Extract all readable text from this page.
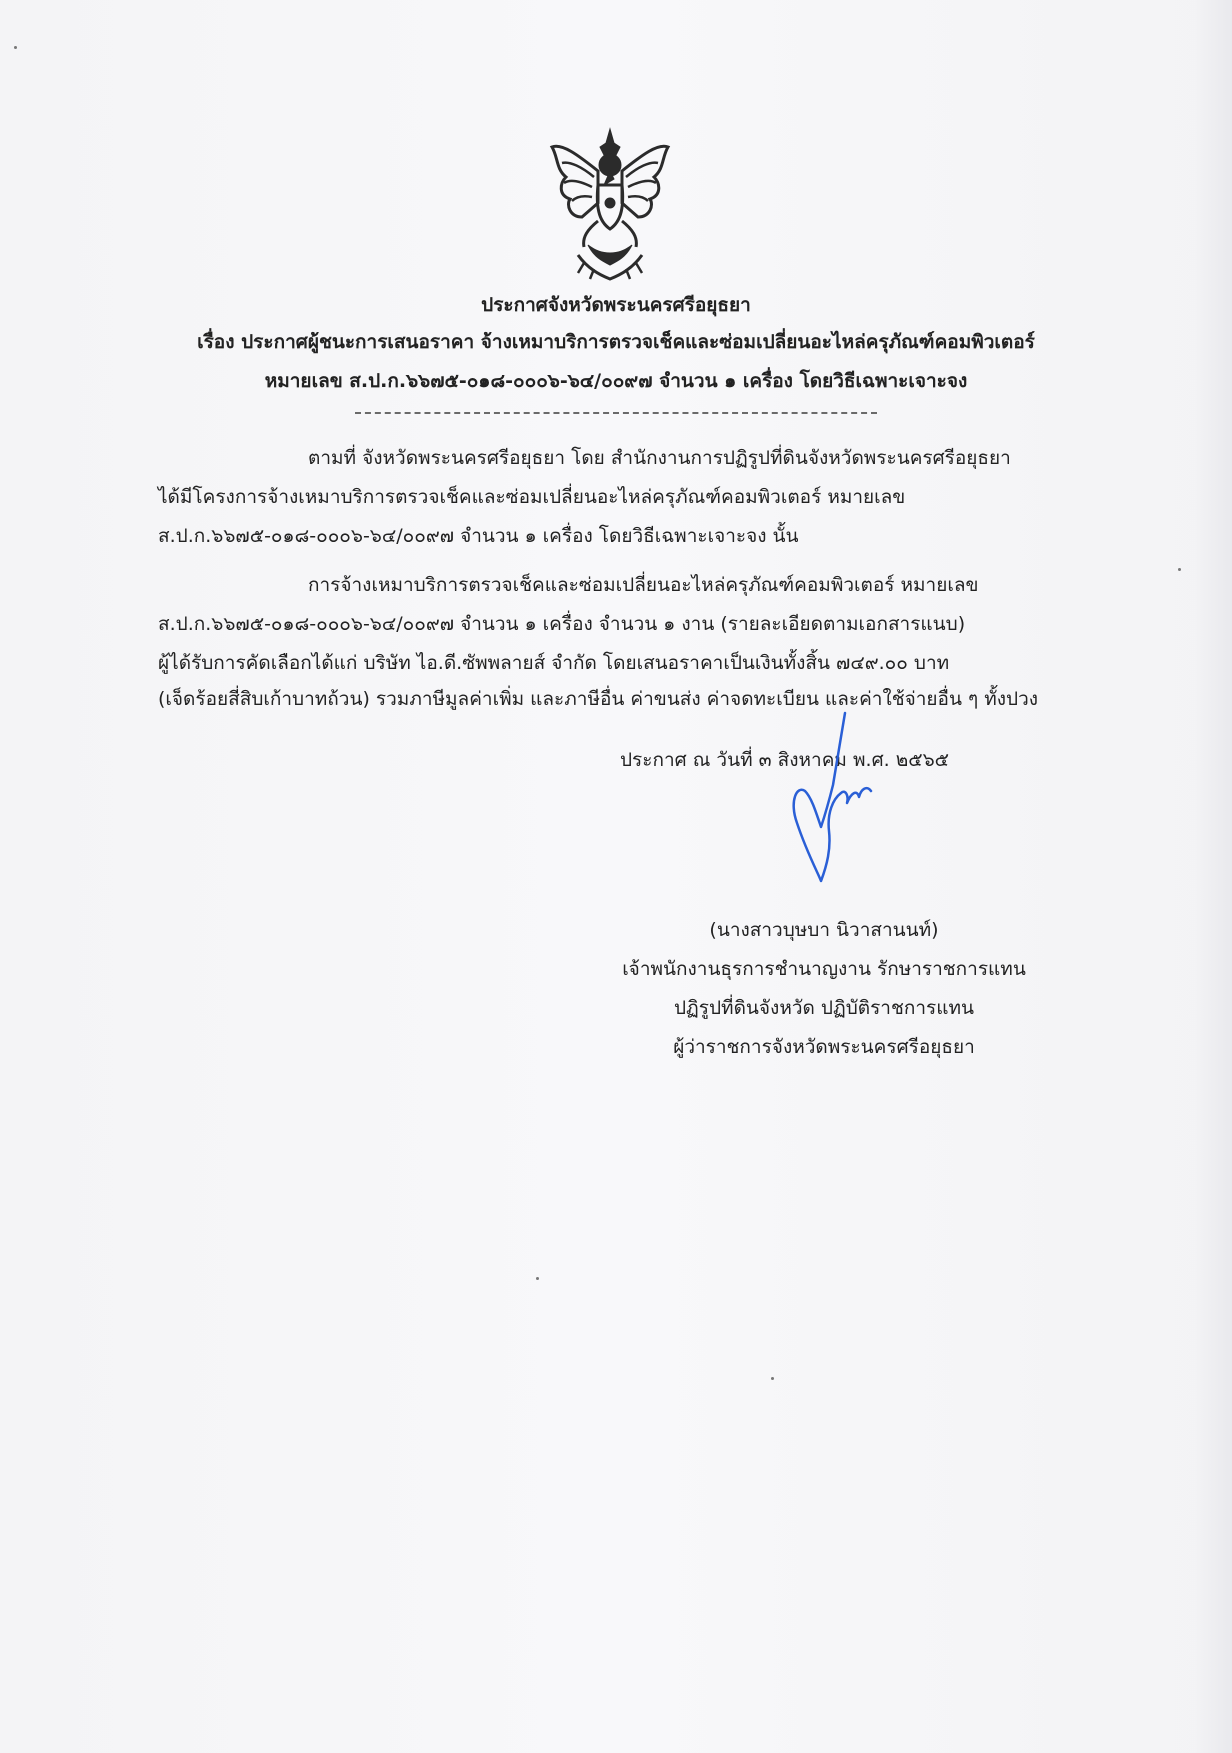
ประกาศจังหวัดพระนครศรีอยุธยา
เรื่อง ประกาศผู้ชนะการเสนอราคา จ้างเหมาบริการตรวจเช็คและซ่อมเปลี่ยนอะไหล่ครุภัณฑ์คอมพิวเตอร์
หมายเลข ส.ป.ก.๖๖๗๕-๐๑๘-๐๐๐๖-๖๔/๐๐๙๗ จำนวน ๑ เครื่อง โดยวิธีเฉพาะเจาะจง
ตามที่ จังหวัดพระนครศรีอยุธยา โดย สำนักงานการปฏิรูปที่ดินจังหวัดพระนครศรีอยุธยา
ได้มีโครงการจ้างเหมาบริการตรวจเช็คและซ่อมเปลี่ยนอะไหล่ครุภัณฑ์คอมพิวเตอร์ หมายเลข
ส.ป.ก.๖๖๗๕-๐๑๘-๐๐๐๖-๖๔/๐๐๙๗ จำนวน ๑ เครื่อง โดยวิธีเฉพาะเจาะจง นั้น
การจ้างเหมาบริการตรวจเช็คและซ่อมเปลี่ยนอะไหล่ครุภัณฑ์คอมพิวเตอร์ หมายเลข
ส.ป.ก.๖๖๗๕-๐๑๘-๐๐๐๖-๖๔/๐๐๙๗ จำนวน ๑ เครื่อง จำนวน ๑ งาน (รายละเอียดตามเอกสารแนบ)
ผู้ได้รับการคัดเลือกได้แก่ บริษัท ไอ.ดี.ซัพพลายส์ จำกัด โดยเสนอราคาเป็นเงินทั้งสิ้น ๗๔๙.๐๐ บาท
(เจ็ดร้อยสี่สิบเก้าบาทถ้วน) รวมภาษีมูลค่าเพิ่ม และภาษีอื่น ค่าขนส่ง ค่าจดทะเบียน และค่าใช้จ่ายอื่น ๆ ทั้งปวง
ประกาศ ณ วันที่ ๓ สิงหาคม พ.ศ. ๒๕๖๕
(นางสาวบุษบา นิวาสานนท์)
เจ้าพนักงานธุรการชำนาญงาน รักษาราชการแทน
ปฏิรูปที่ดินจังหวัด ปฏิบัติราชการแทน
ผู้ว่าราชการจังหวัดพระนครศรีอยุธยา
